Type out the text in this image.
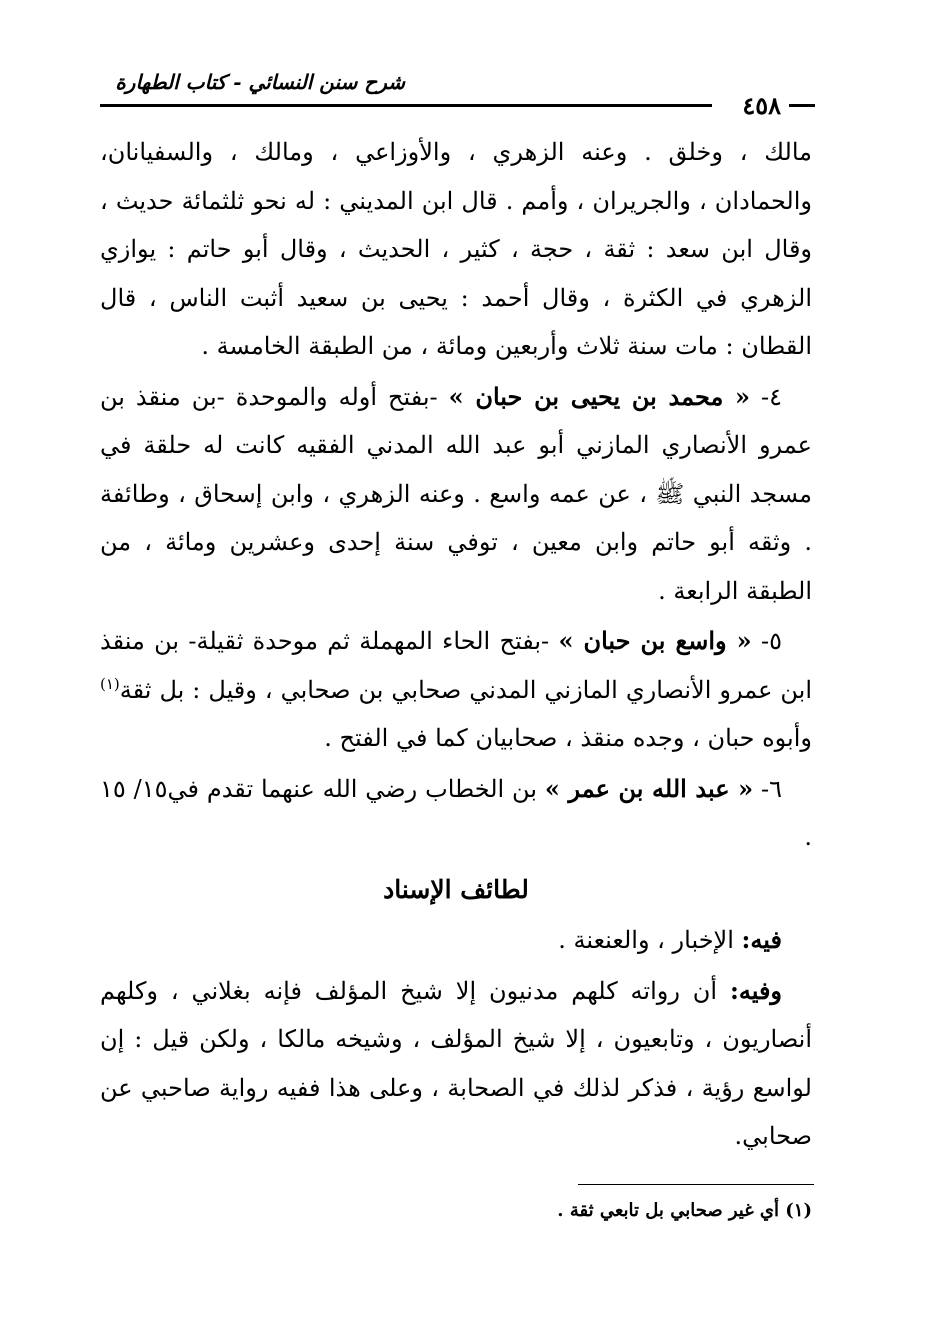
شرح سنن النسائي - كتاب الطهارة
٤٥٨

مالك ، وخلق . وعنه الزهري ، والأوزاعي ، ومالك ، والسفيانان، والحمادان ، والجريران ، وأمم . قال ابن المديني : له نحو ثلثمائة حديث ، وقال ابن سعد : ثقة ، حجة ، كثير ، الحديث ، وقال أبو حاتم : يوازي الزهري في الكثرة ، وقال أحمد : يحيى بن سعيد أثبت الناس ، قال القطان : مات سنة ثلاث وأربعين ومائة ، من الطبقة الخامسة .

٤- « محمد بن يحيى بن حبان » -بفتح أوله والموحدة -بن منقذ بن عمرو الأنصاري المازني أبو عبد الله المدني الفقيه كانت له حلقة في مسجد النبي ﷺ ، عن عمه واسع . وعنه الزهري ، وابن إسحاق ، وطائفة . وثقه أبو حاتم وابن معين ، توفي سنة إحدى وعشرين ومائة ، من الطبقة الرابعة .

٥- « واسع بن حبان » -بفتح الحاء المهملة ثم موحدة ثقيلة- بن منقذ ابن عمرو الأنصاري المازني المدني صحابي بن صحابي ، وقيل : بل ثقة$^{(١)}$ وأبوه حبان ، وجده منقذ ، صحابيان كما في الفتح .

٦- « عبد الله بن عمر » بن الخطاب رضي الله عنهما تقدم في١٥/ ١٥ .

لطائف الإسناد

فيه: الإخبار ، والعنعنة .

وفيه: أن رواته كلهم مدنيون إلا شيخ المؤلف فإنه بغلاني ، وكلهم أنصاريون ، وتابعيون ، إلا شيخ المؤلف ، وشيخه مالكا ، ولكن قيل : إن لواسع رؤية ، فذكر لذلك في الصحابة ، وعلى هذا ففيه رواية صاحبي عن صحابي.

(١) أي غير صحابي بل تابعي ثقة .
